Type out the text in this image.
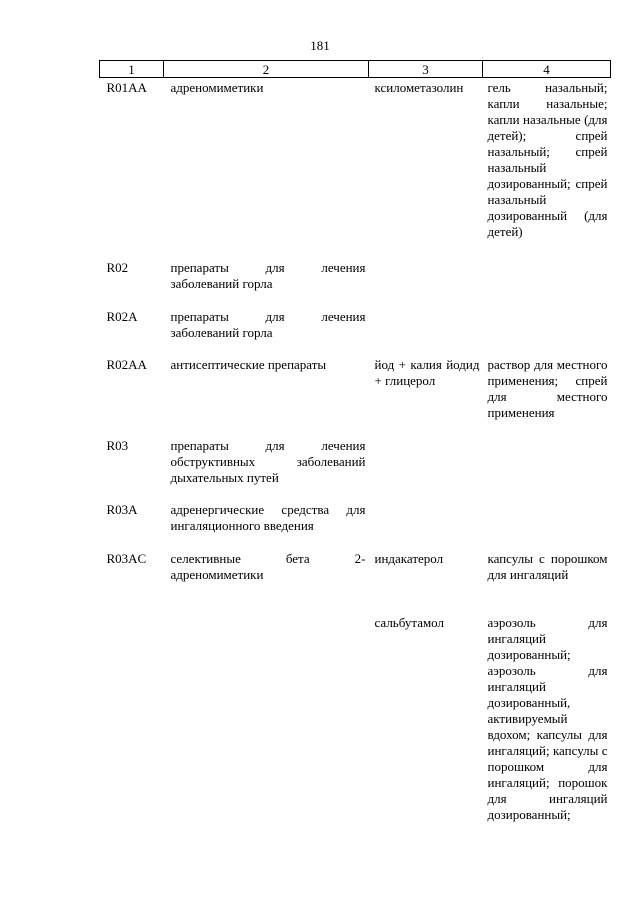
181
1	2	3	4
R01AA	адреномиметики	ксилометазолин	гель назальный; капли назальные; капли назальные (для детей); спрей назальный; спрей назальный дозированный; спрей назальный дозированный (для детей)
R02	препараты для лечения заболеваний горла		
R02A	препараты для лечения заболеваний горла		
R02AA	антисептические препараты	йод + калия йодид + глицерол	раствор для местного применения; спрей для местного применения
R03	препараты для лечения обструктивных заболеваний дыхательных путей		
R03A	адренергические средства для ингаляционного введения		
R03AC	селективные бета 2-адреномиметики	индакатерол	капсулы с порошком для ингаляций
		сальбутамол	аэрозоль для ингаляций дозированный; аэрозоль для ингаляций дозированный, активируемый вдохом; капсулы для ингаляций; капсулы с порошком для ингаляций; порошок для ингаляций дозированный;
